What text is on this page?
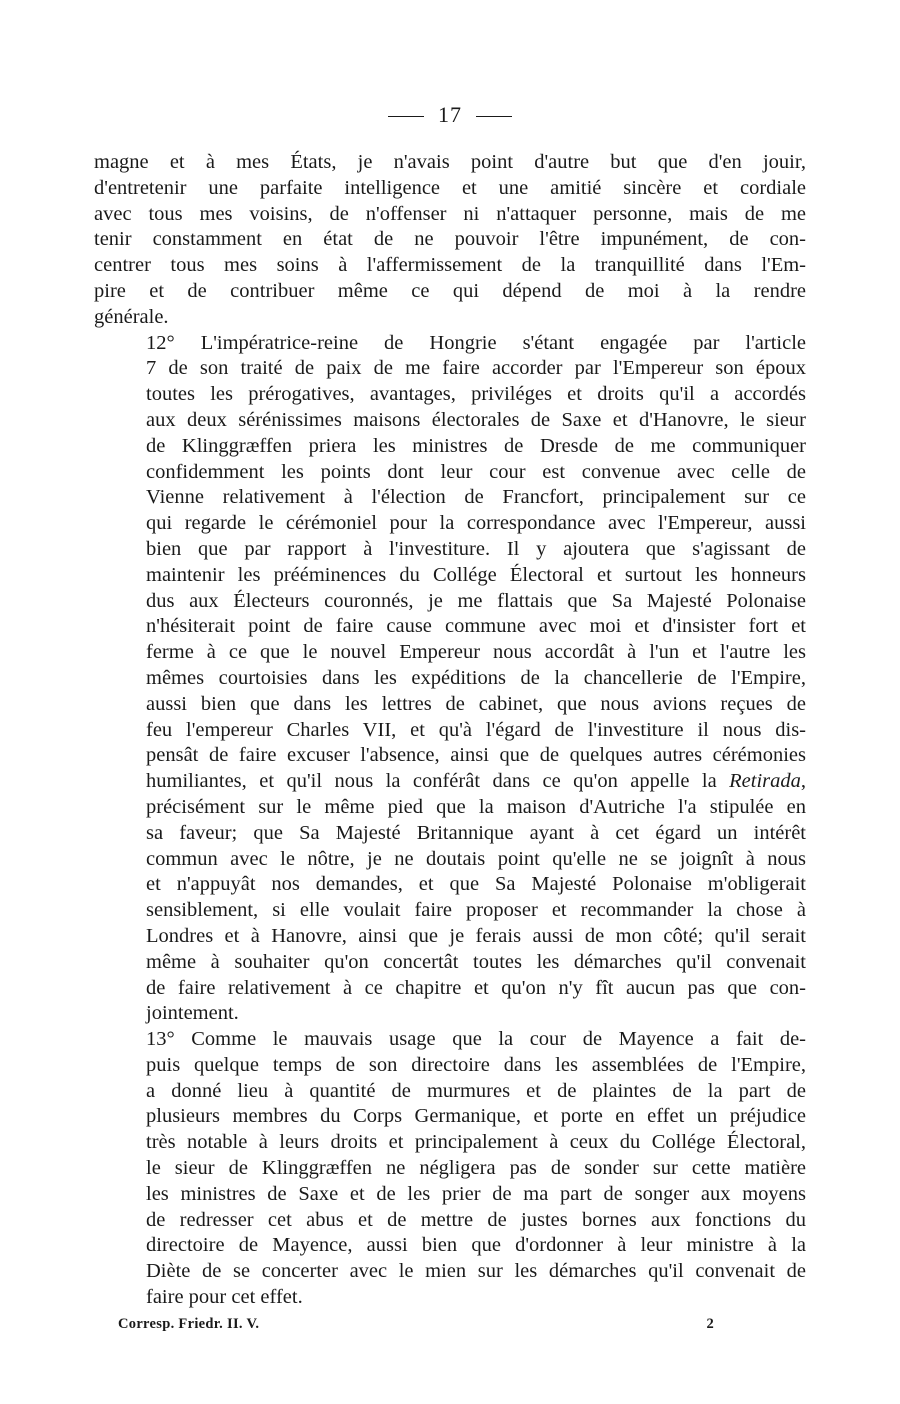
17

magne et à mes États, je n'avais point d'autre but que d'en jouir,
d'entretenir une parfaite intelligence et une amitié sincère et cordiale
avec tous mes voisins, de n'offenser ni n'attaquer personne, mais de me
tenir constamment en état de ne pouvoir l'être impunément, de con-
centrer tous mes soins à l'affermissement de la tranquillité dans l'Em-
pire et de contribuer même ce qui dépend de moi à la rendre
générale.

12° L'impératrice-reine de Hongrie s'étant engagée par l'article
7 de son traité de paix de me faire accorder par l'Empereur son époux
toutes les prérogatives, avantages, priviléges et droits qu'il a accordés
aux deux sérénissimes maisons électorales de Saxe et d'Hanovre, le sieur
de Klinggræffen priera les ministres de Dresde de me communiquer
confidemment les points dont leur cour est convenue avec celle de
Vienne relativement à l'élection de Francfort, principalement sur ce
qui regarde le cérémoniel pour la correspondance avec l'Empereur, aussi
bien que par rapport à l'investiture. Il y ajoutera que s'agissant de
maintenir les prééminences du Collége Électoral et surtout les honneurs
dus aux Électeurs couronnés, je me flattais que Sa Majesté Polonaise
n'hésiterait point de faire cause commune avec moi et d'insister fort et
ferme à ce que le nouvel Empereur nous accordât à l'un et l'autre les
mêmes courtoisies dans les expéditions de la chancellerie de l'Empire,
aussi bien que dans les lettres de cabinet, que nous avions reçues de
feu l'empereur Charles VII, et qu'à l'égard de l'investiture il nous dis-
pensât de faire excuser l'absence, ainsi que de quelques autres cérémonies
humiliantes, et qu'il nous la conférât dans ce qu'on appelle la Retirada,
précisément sur le même pied que la maison d'Autriche l'a stipulée en
sa faveur; que Sa Majesté Britannique ayant à cet égard un intérêt
commun avec le nôtre, je ne doutais point qu'elle ne se joignît à nous
et n'appuyât nos demandes, et que Sa Majesté Polonaise m'obligerait
sensiblement, si elle voulait faire proposer et recommander la chose à
Londres et à Hanovre, ainsi que je ferais aussi de mon côté; qu'il serait
même à souhaiter qu'on concertât toutes les démarches qu'il convenait
de faire relativement à ce chapitre et qu'on n'y fît aucun pas que con-
jointement.

13° Comme le mauvais usage que la cour de Mayence a fait de-
puis quelque temps de son directoire dans les assemblées de l'Empire,
a donné lieu à quantité de murmures et de plaintes de la part de
plusieurs membres du Corps Germanique, et porte en effet un préjudice
très notable à leurs droits et principalement à ceux du Collége Électoral,
le sieur de Klinggræffen ne négligera pas de sonder sur cette matière
les ministres de Saxe et de les prier de ma part de songer aux moyens
de redresser cet abus et de mettre de justes bornes aux fonctions du
directoire de Mayence, aussi bien que d'ordonner à leur ministre à la
Diète de se concerter avec le mien sur les démarches qu'il convenait de
faire pour cet effet.

Corresp. Friedr. II. V.	2
